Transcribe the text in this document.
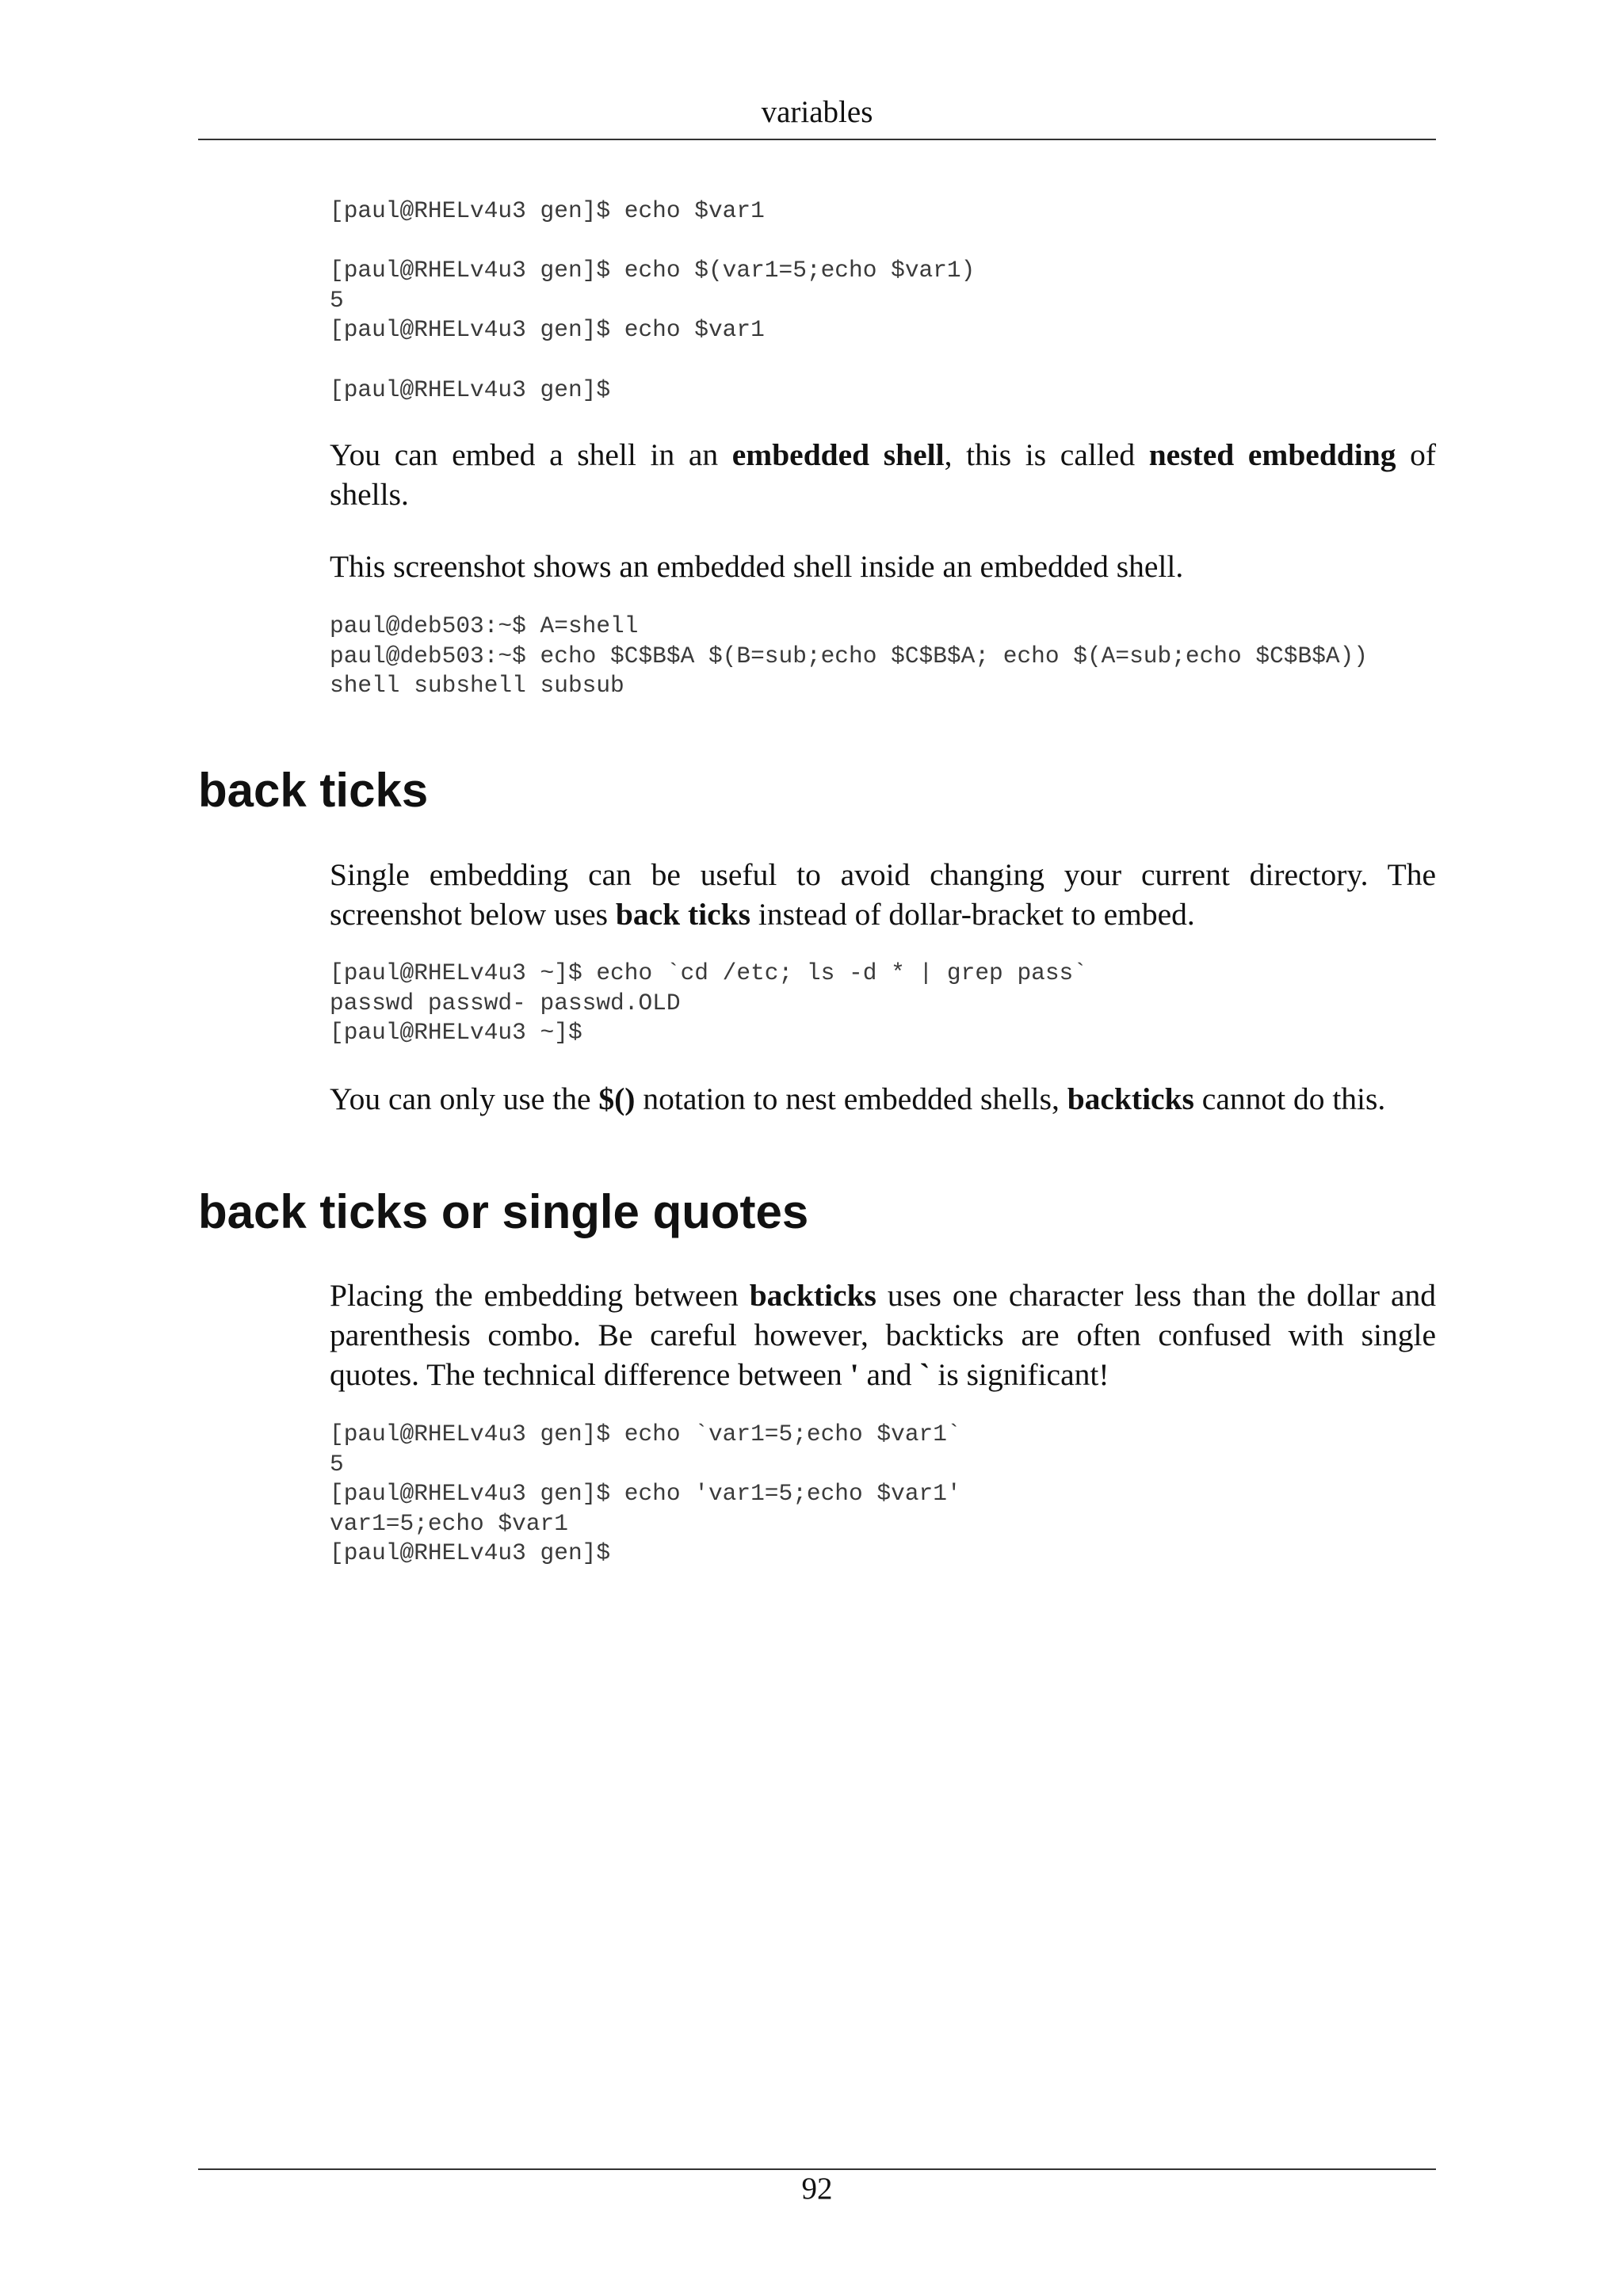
variables
[paul@RHELv4u3 gen]$ echo $var1

[paul@RHELv4u3 gen]$ echo $(var1=5;echo $var1)
5
[paul@RHELv4u3 gen]$ echo $var1

[paul@RHELv4u3 gen]$

You can embed a shell in an embedded shell, this is called nested embedding of shells.

This screenshot shows an embedded shell inside an embedded shell.

paul@deb503:~$ A=shell
paul@deb503:~$ echo $C$B$A $(B=sub;echo $C$B$A; echo $(A=sub;echo $C$B$A))
shell subshell subsub
back ticks

Single embedding can be useful to avoid changing your current directory. The screenshot below uses back ticks instead of dollar-bracket to embed.

[paul@RHELv4u3 ~]$ echo `cd /etc; ls -d * | grep pass`
passwd passwd- passwd.OLD
[paul@RHELv4u3 ~]$

You can only use the $() notation to nest embedded shells, backticks cannot do this.

back ticks or single quotes

Placing the embedding between backticks uses one character less than the dollar and parenthesis combo. Be careful however, backticks are often confused with single quotes. The technical difference between ' and ` is significant!

[paul@RHELv4u3 gen]$ echo `var1=5;echo $var1`
5
[paul@RHELv4u3 gen]$ echo 'var1=5;echo $var1'
var1=5;echo $var1
[paul@RHELv4u3 gen]$
92
